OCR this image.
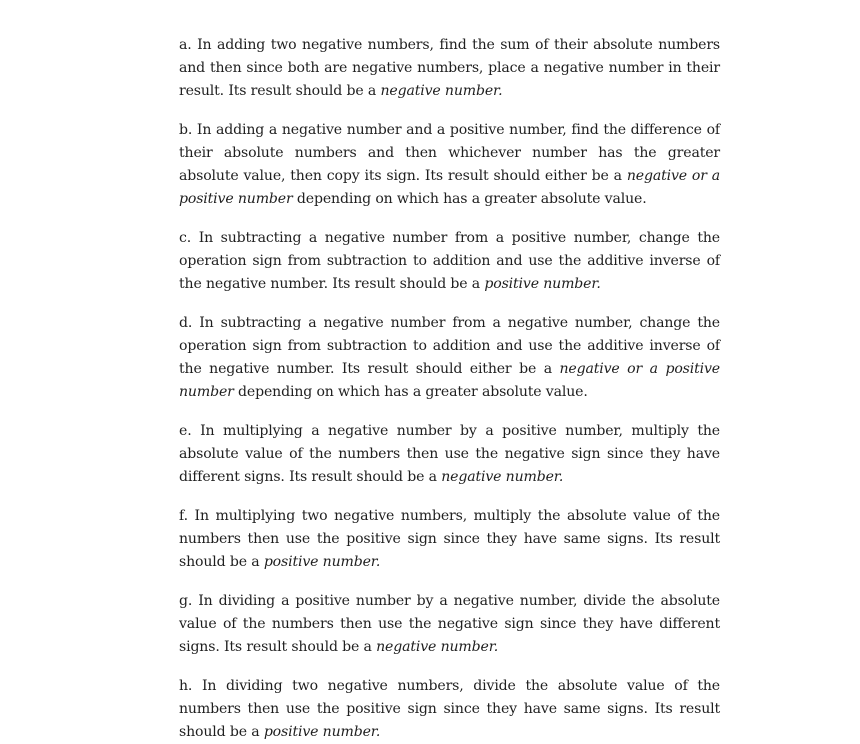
a. In adding two negative numbers, find the sum of their absolute numbers and then since both are negative numbers, place a negative number in their result. Its result should be a negative number.

b. In adding a negative number and a positive number, find the difference of their absolute numbers and then whichever number has the greater absolute value, then copy its sign. Its result should either be a negative or a positive number depending on which has a greater absolute value.

c. In subtracting a negative number from a positive number, change the operation sign from subtraction to addition and use the additive inverse of the negative number. Its result should be a positive number.

d. In subtracting a negative number from a negative number, change the operation sign from subtraction to addition and use the additive inverse of the negative number. Its result should either be a negative or a positive number depending on which has a greater absolute value.

e. In multiplying a negative number by a positive number, multiply the absolute value of the numbers then use the negative sign since they have different signs. Its result should be a negative number.

f. In multiplying two negative numbers, multiply the absolute value of the numbers then use the positive sign since they have same signs. Its result should be a positive number.

g. In dividing a positive number by a negative number, divide the absolute value of the numbers then use the negative sign since they have different signs. Its result should be a negative number.

h. In dividing two negative numbers, divide the absolute value of the numbers then use the positive sign since they have same signs. Its result should be a positive number.
